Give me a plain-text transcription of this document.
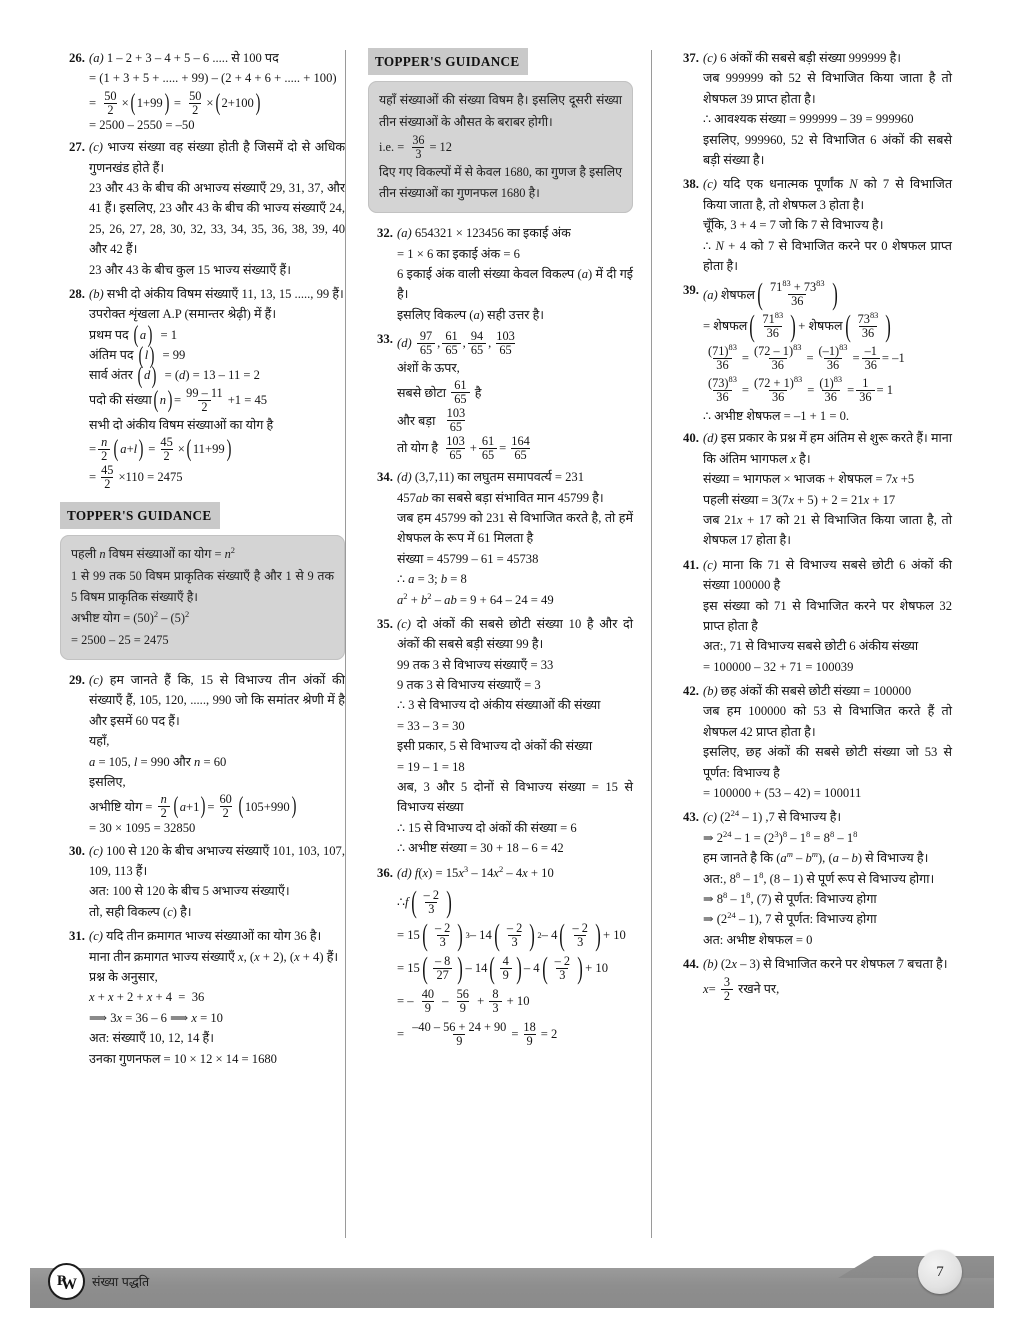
26. (a) 1 – 2 + 3 – 4 + 5 – 6 ..... से 100 पद
= (1 + 3 + 5 + ..... + 99) – (2 + 4 + 6 + ..... + 100)
= $\frac{50}{2}$ × ( 1+99 ) = $\frac{50}{2}$ × ( 2+100 )
= 2500 – 2550 = –50
27. (c) भाज्य संख्या वह संख्या होती है जिसमें दो से अधिक गुणनखंड होते हैं।
23 और 43 के बीच की अभाज्य संख्याएँ 29, 31, 37, और 41 हैं। इसलिए, 23 और 43 के बीच की भाज्य संख्याएँ 24, 25, 26, 27, 28, 30, 32, 33, 34, 35, 36, 38, 39, 40 और 42 हैं।
23 और 43 के बीच कुल 15 भाज्य संख्याएँ हैं।
28. (b) सभी दो अंकीय विषम संख्याएँ 11, 13, 15 ....., 99 हैं।
उपरोक्त शृंखला A.P (समान्तर श्रेढ़ी) में हैं।
प्रथम पद ( a)  = 1
अंतिम पद ( l)  = 99
सार्व अंतर ( d)  = (d) = 13 – 11 = 2
पदो की संख्या ( n ) = $\frac{99 - 11}{2} +1 = 45$
सभी दो अंकीय विषम संख्याओं का योग है
= $\frac{n}{2}$ ( a + l ) = $\frac{45}{2}$ × ( 11+99 )
= $\frac{45}{2} \times 110 = 2475$
TOPPER'S GUIDANCE
पहली n विषम संख्याओं का योग = $n^2$
1 से 99 तक 50 विषम प्राकृतिक संख्याएँ है और 1 से 9 तक 5 विषम प्राकृतिक संख्याएँ है।
अभीष्ट योग = $(50)^2 - (5)^2$
= 2500 – 25 = 2475
29. (c) हम जानते हैं कि, 15 से विभाज्य तीन अंकों की संख्याएँ हैं, 105, 120, ....., 990 जो कि समांतर श्रेणी में है और इसमें 60 पद हैं।
यहाँ,
a = 105, l = 990 और n = 60
इसलिए,
अभीष्टि योग = $\frac{n}{2}$ ( a +1 ) = $\frac{60}{2}$ ( 105+990 )
= 30 × 1095 = 32850
30. (c) 100 से 120 के बीच अभाज्य संख्याएँ 101, 103, 107, 109, 113 हैं।
अत: 100 से 120 के बीच 5 अभाज्य संख्याएँ।
तो, सही विकल्प (c) है।
31. (c) यदि तीन क्रमागत भाज्य संख्याओं का योग 36 है।
माना तीन क्रमागत भाज्य संख्याएँ x, (x + 2), (x + 4) हैं।
प्रश्न के अनुसार,
x + x + 2 + x + 4  =  36
⟹ 3x = 36 – 6 ⟹ x = 10
अत: संख्याएँ 10, 12, 14 हैं।
उनका गुणनफल = 10 × 12 × 14 = 1680
TOPPER'S GUIDANCE
यहाँ संख्याओं की संख्या विषम है। इसलिए दूसरी संख्या तीन संख्याओं के औसत के बराबर होगी।
i.e. = $\frac{36}{3} = 12$
दिए गए विकल्पों में से केवल 1680, का गुणज है इसलिए तीन संख्याओं का गुणनफल 1680 है।
32. (a) 654321 × 123456 का इकाई अंक
= 1 × 6 का इकाई अंक = 6
6 इकाई अंक वाली संख्या केवल विकल्प (a) में दी गई है।
इसलिए विकल्प (a) सही उत्तर है।
33. (d)
$\frac{97}{65}$ , $\frac{61}{65}$ , $\frac{94}{65}$ , $\frac{103}{65}$
अंशों के ऊपर,
सबसे छोटा $\frac{61}{65}$ है
और बड़ा $\frac{103}{65}$
तो योग है $\frac{103}{65} + \frac{61}{65} = \frac{164}{65}$
34. (d) (3,7,11) का लघुतम समापवर्त्य = 231
457ab का सबसे बड़ा संभावित मान 45799 है।
जब हम 45799 को 231 से विभाजित करते है, तो हमें शेषफल के रूप में 61 मिलता है
संख्या = 45799 – 61 = 45738
∴ a = 3; b = 8
$a^2 + b^2$ – ab = 9 + 64 – 24 = 49
35. (c) दो अंकों की सबसे छोटी संख्या 10 है और दो अंकों की सबसे बड़ी संख्या 99 है।
99 तक 3 से विभाज्य संख्याएँ = 33
9 तक 3 से विभाज्य संख्याएँ = 3
∴ 3 से विभाज्य दो अंकीय संख्याओं की संख्या
= 33 – 3 = 30
इसी प्रकार, 5 से विभाज्य दो अंकों की संख्या
= 19 – 1 = 18
अब, 3 और 5 दोनों से विभाज्य संख्या = 15 से विभाज्य संख्या
∴ 15 से विभाज्य दो अंकों की संख्या = 6
∴ अभीष्ट संख्या = 30 + 18 – 6 = 42
36. (d) $f(x) = 15x^3 - 14x^2 - 4x + 10$
∴ f ( $\frac{- 2}{3}$ )
= 15 ( $\frac{- 2}{3}$ ) 3 – 14 ( $\frac{- 2}{3}$ ) 2 – 4 ( $\frac{- 2}{3}$ ) + 10
= 15 ( $\frac{- 8}{27}$ ) – 14 ( $\frac{4}{9}$ ) – 4 ( $\frac{- 2}{3}$ ) + 10
= – $\frac{40}{9} - \frac{56}{9} + \frac{8}{3} + 10$
= $\frac{-40 - 56 + 24 + 90}{9} = \frac{18}{9} = 2$
37. (c) 6 अंकों की सबसे बड़ी संख्या 999999 है।
जब 999999 को 52 से विभाजित किया जाता है तो शेषफल 39 प्राप्त होता है।
∴ आवश्यक संख्या = 999999 – 39 = 999960
इसलिए, 999960, 52 से विभाजित 6 अंकों की सबसे बड़ी संख्या है।
38. (c) यदि एक धनात्मक पूर्णांक N को 7 से विभाजित किया जाता है, तो शेषफल 3 होता है।
चूँकि, 3 + 4 = 7 जो कि 7 से विभाज्य है।
∴ N + 4 को 7 से विभाजित करने पर 0 शेषफल प्राप्त होता है।
39. (a) शेषफल ( $\frac{71^{83} + 73^{83}}{36}$ )
= शेषफल ( $\frac{71^{83}}{36}$ ) + शेषफल ( $\frac{73^{83}}{36}$ )
$\frac{(71)^{83}}{36} = \frac{(72 - 1)^{83}}{36} = \frac{(-1)^{83}}{36} = \frac{-1}{36} = -1$
$\frac{(73)^{83}}{36} = \frac{(72 + 1)^{83}}{36} = \frac{(1)^{83}}{36} = \frac{1}{36} = 1$
∴ अभीष्ट शेषफल = –1 + 1 = 0.
40. (d) इस प्रकार के प्रश्न में हम अंतिम से शुरू करते हैं। माना कि अंतिम भागफल x है।
संख्या = भागफल × भाजक + शेषफल = 7x +5
पहली संख्या = 3(7x + 5) + 2 = 21x + 17
जब 21x + 17 को 21 से विभाजित किया जाता है, तो शेषफल 17 होता है।
41. (c) माना कि 71 से विभाज्य सबसे छोटी 6 अंकों की संख्या 100000 है
इस संख्या को 71 से विभाजित करने पर शेषफल 32 प्राप्त होता है
अत:, 71 से विभाज्य सबसे छोटी 6 अंकीय संख्या
= 100000 – 32 + 71 = 100039
42. (b) छह अंकों की सबसे छोटी संख्या = 100000
जब हम 100000 को 53 से विभाजित करते हैं तो शेषफल 42 प्राप्त होता है।
इसलिए, छह अंकों की सबसे छोटी संख्या जो 53 से पूर्णत: विभाज्य है
= 100000 + (53 – 42) = 100011
43. (c) $(2^{24} - 1)$ ,7 से विभाज्य है।
⇒ $2^{24} - 1 = (2^3)^8 - 1^8 = 8^8 - 1^8$
हम जानते है कि $(a^m - b^m)$, (a – b) से विभाज्य है।
अत:, $8^8 - 1^8$, (8 – 1) से पूर्ण रूप से विभाज्य होगा।
⇒ $8^8 - 1^8$, (7) से पूर्णत: विभाज्य होगा
⇒ $(2^{24} - 1)$, 7 से पूर्णत: विभाज्य होगा
अत: अभीष्ट शेषफल = 0
44. (b) (2x – 3) से विभाजित करने पर शेषफल 7 बचता है।
$x = \frac{3}{2}$ रखने पर,
PW संख्या पद्धति
7
